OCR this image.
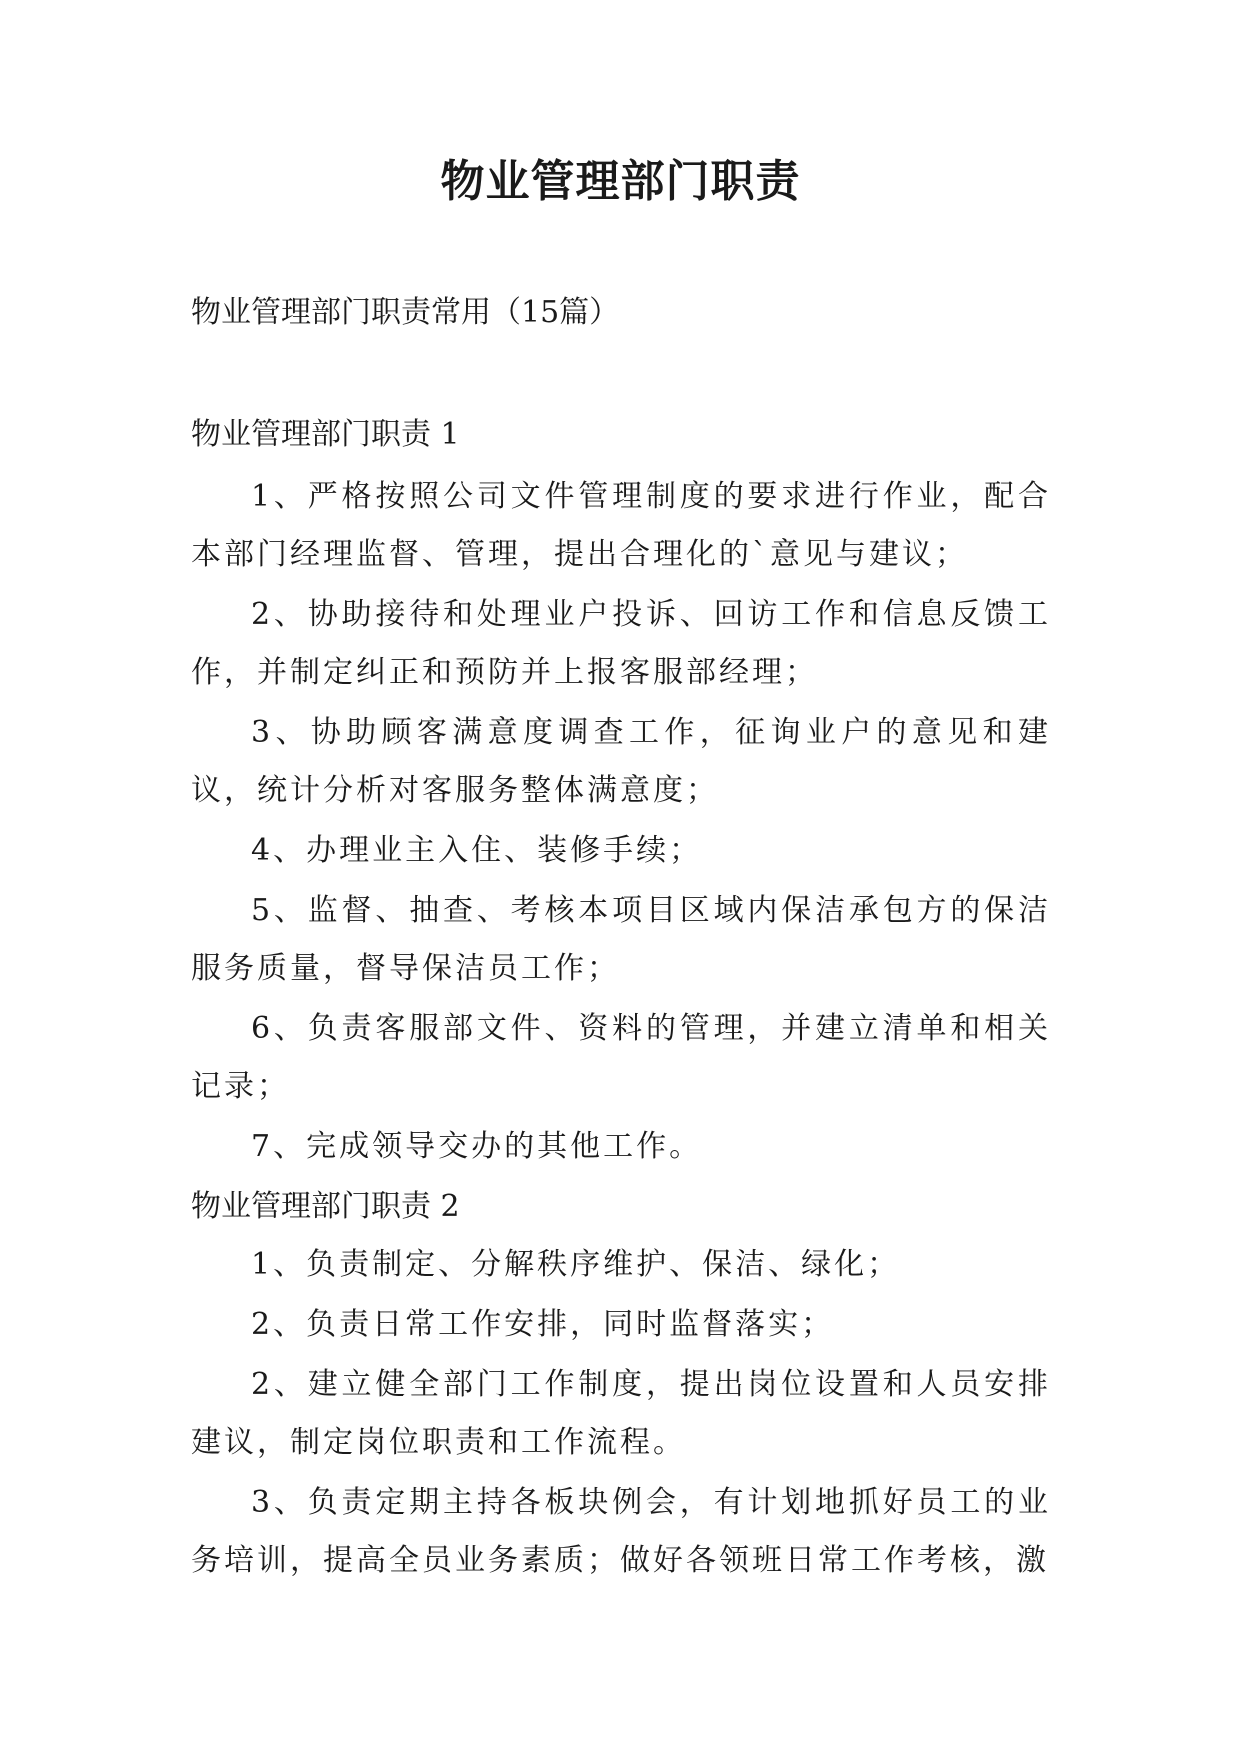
物业管理部门职责
物业管理部门职责常用（15篇）
物业管理部门职责 1
1、严格按照公司文件管理制度的要求进行作业，配合本部门经理监督、管理，提出合理化的`意见与建议；
2、协助接待和处理业户投诉、回访工作和信息反馈工作，并制定纠正和预防并上报客服部经理；
3、协助顾客满意度调查工作，征询业户的意见和建议，统计分析对客服务整体满意度；
4、办理业主入住、装修手续；
5、监督、抽查、考核本项目区域内保洁承包方的保洁服务质量，督导保洁员工作；
6、负责客服部文件、资料的管理，并建立清单和相关记录；
7、完成领导交办的其他工作。
物业管理部门职责 2
1、负责制定、分解秩序维护、保洁、绿化；
2、负责日常工作安排，同时监督落实；
2、建立健全部门工作制度，提出岗位设置和人员安排建议，制定岗位职责和工作流程。
3、负责定期主持各板块例会，有计划地抓好员工的业务培训，提高全员业务素质；做好各领班日常工作考核，激
